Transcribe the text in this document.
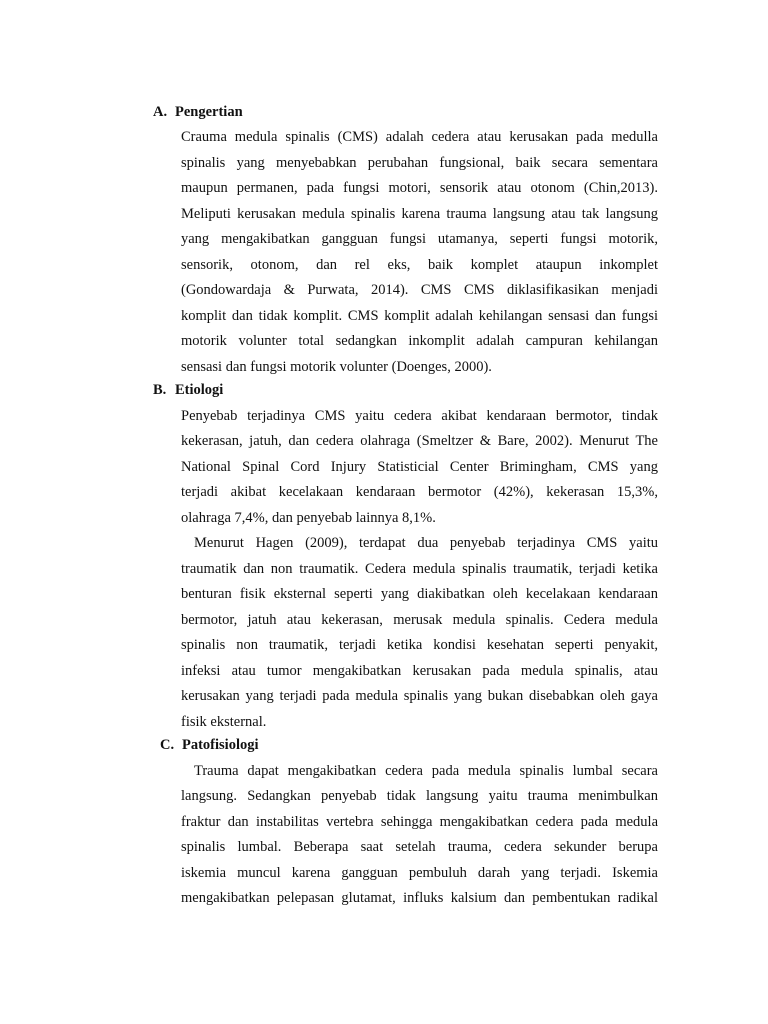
A. Pengertian
Crauma medula spinalis (CMS) adalah cedera atau kerusakan pada medulla
spinalis yang menyebabkan perubahan fungsional, baik secara sementara
maupun permanen, pada fungsi motori, sensorik atau otonom (Chin,2013).
Meliputi kerusakan medula spinalis karena trauma langsung atau tak langsung
yang mengakibatkan gangguan fungsi utamanya, seperti fungsi motorik,
sensorik, otonom, dan rel eks, baik komplet ataupun inkomplet
(Gondowardaja & Purwata, 2014). CMS CMS diklasifikasikan menjadi
komplit dan tidak komplit. CMS komplit adalah kehilangan sensasi dan fungsi
motorik volunter total sedangkan inkomplit adalah campuran kehilangan
sensasi dan fungsi motorik volunter (Doenges, 2000).
B. Etiologi
Penyebab terjadinya CMS yaitu cedera akibat kendaraan bermotor, tindak
kekerasan, jatuh, dan cedera olahraga (Smeltzer & Bare, 2002). Menurut The
National Spinal Cord Injury Statisticial Center Brimingham, CMS yang
terjadi akibat kecelakaan kendaraan bermotor (42%), kekerasan 15,3%,
olahraga 7,4%, dan penyebab lainnya 8,1%.
Menurut Hagen (2009), terdapat dua penyebab terjadinya CMS yaitu
traumatik dan non traumatik. Cedera medula spinalis traumatik, terjadi ketika
benturan fisik eksternal seperti yang diakibatkan oleh kecelakaan kendaraan
bermotor, jatuh atau kekerasan, merusak medula spinalis. Cedera medula
spinalis non traumatik, terjadi ketika kondisi kesehatan seperti penyakit,
infeksi atau tumor mengakibatkan kerusakan pada medula spinalis, atau
kerusakan yang terjadi pada medula spinalis yang bukan disebabkan oleh gaya
fisik eksternal.
C. Patofisiologi
Trauma dapat mengakibatkan cedera pada medula spinalis lumbal secara
langsung. Sedangkan penyebab tidak langsung yaitu trauma menimbulkan
fraktur dan instabilitas vertebra sehingga mengakibatkan cedera pada medula
spinalis lumbal. Beberapa saat setelah trauma, cedera sekunder berupa
iskemia muncul karena gangguan pembuluh darah yang terjadi. Iskemia
mengakibatkan pelepasan glutamat, influks kalsium dan pembentukan radikal
